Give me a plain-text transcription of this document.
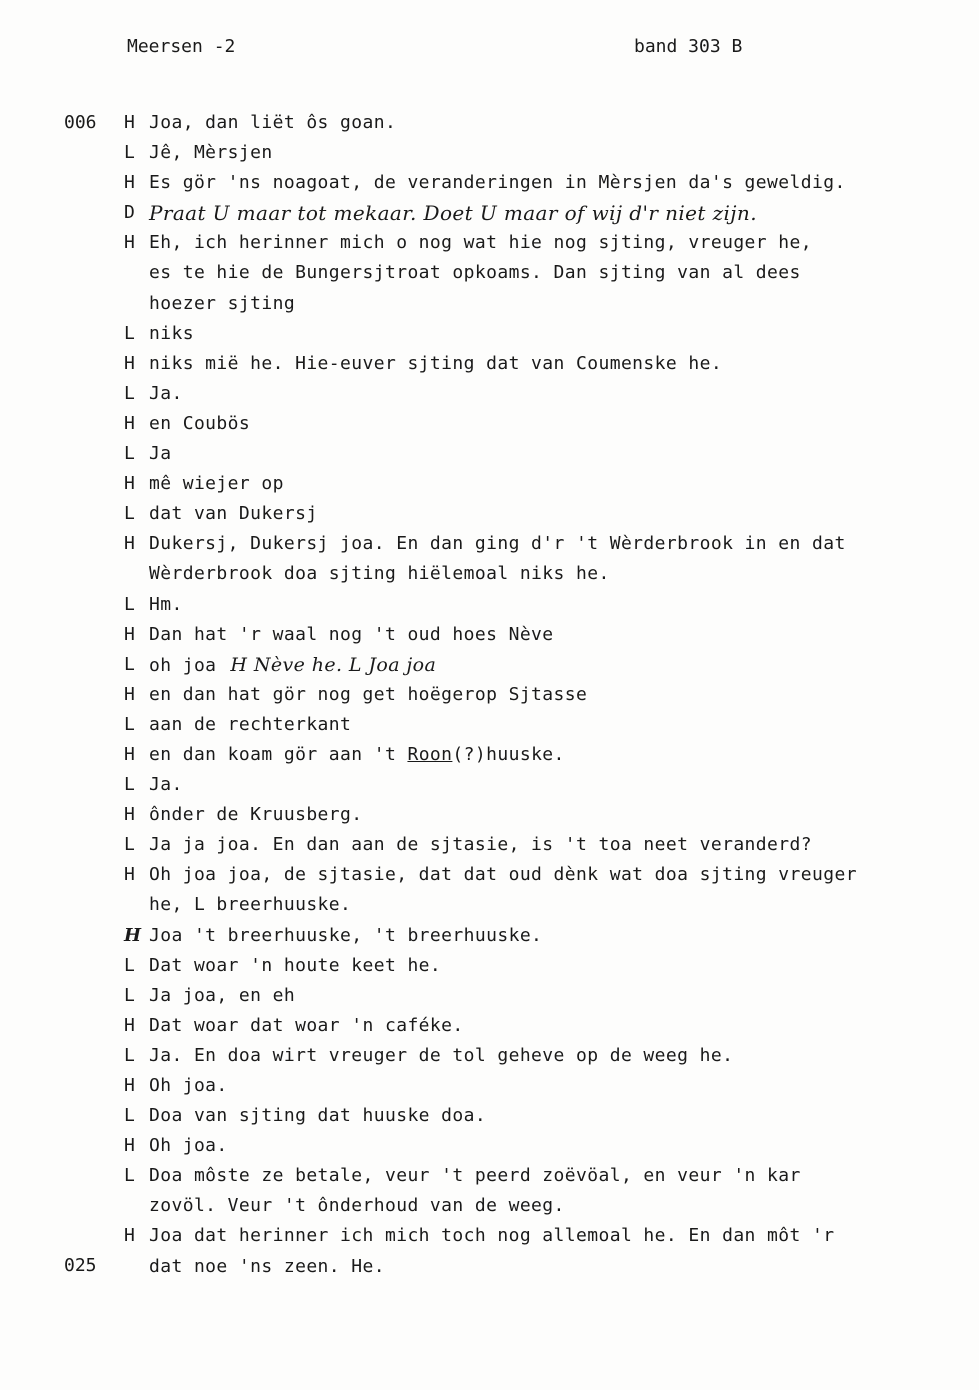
Meersen -2	band 303 B
006	H Joa, dan liët ôs goan.
L Jê, Mèrsjen
H Es gör 'ns noagoat, de veranderingen in Mèrsjen da's geweldig.
D Praat U maar tot mekaar. Doet U maar of wij d'r niet zijn.
H Eh, ich herinner mich o nog wat hie nog sjting, vreuger he,
es te hie de Bungersjtroat opkoams. Dan sjting van al dees
hoezer sjting
L niks
H niks mië he. Hie-euver sjting dat van Coumenske he.
L Ja.
H en Coubös
L Ja
H mê wiejer op
L dat van Dukersj
H Dukersj, Dukersj joa. En dan ging d'r 't Wèrderbrook in en dat
Wèrderbrook doa sjting hiëlemoal niks he.
L Hm.
H Dan hat 'r waal nog 't oud hoes Nève
L oh joa H Nève he. L Joa joa
H en dan hat gör nog get hoëgerop Sjtasse
L aan de rechterkant
H en dan koam gör aan 't Roon(?)huuske.
L Ja.
H ônder de Kruusberg.
L Ja ja joa. En dan aan de sjtasie, is 't toa neet veranderd?
H Oh joa joa, de sjtasie, dat dat oud dènk wat doa sjting vreuger
he, L breerhuuske.
H Joa 't breerhuuske, 't breerhuuske.
L Dat woar 'n houte keet he.
L Ja joa, en eh
H Dat woar dat woar 'n caféke.
L Ja. En doa wirt vreuger de tol geheve op de weeg he.
H Oh joa.
L Doa van sjting dat huuske doa.
H Oh joa.
L Doa môste ze betale, veur 't peerd zoëvöal, en veur 'n kar
zovöl. Veur 't ônderhoud van de weeg.
H Joa dat herinner ich mich toch nog allemoal he. En dan môt 'r
dat noe 'ns zeen. He.
025
